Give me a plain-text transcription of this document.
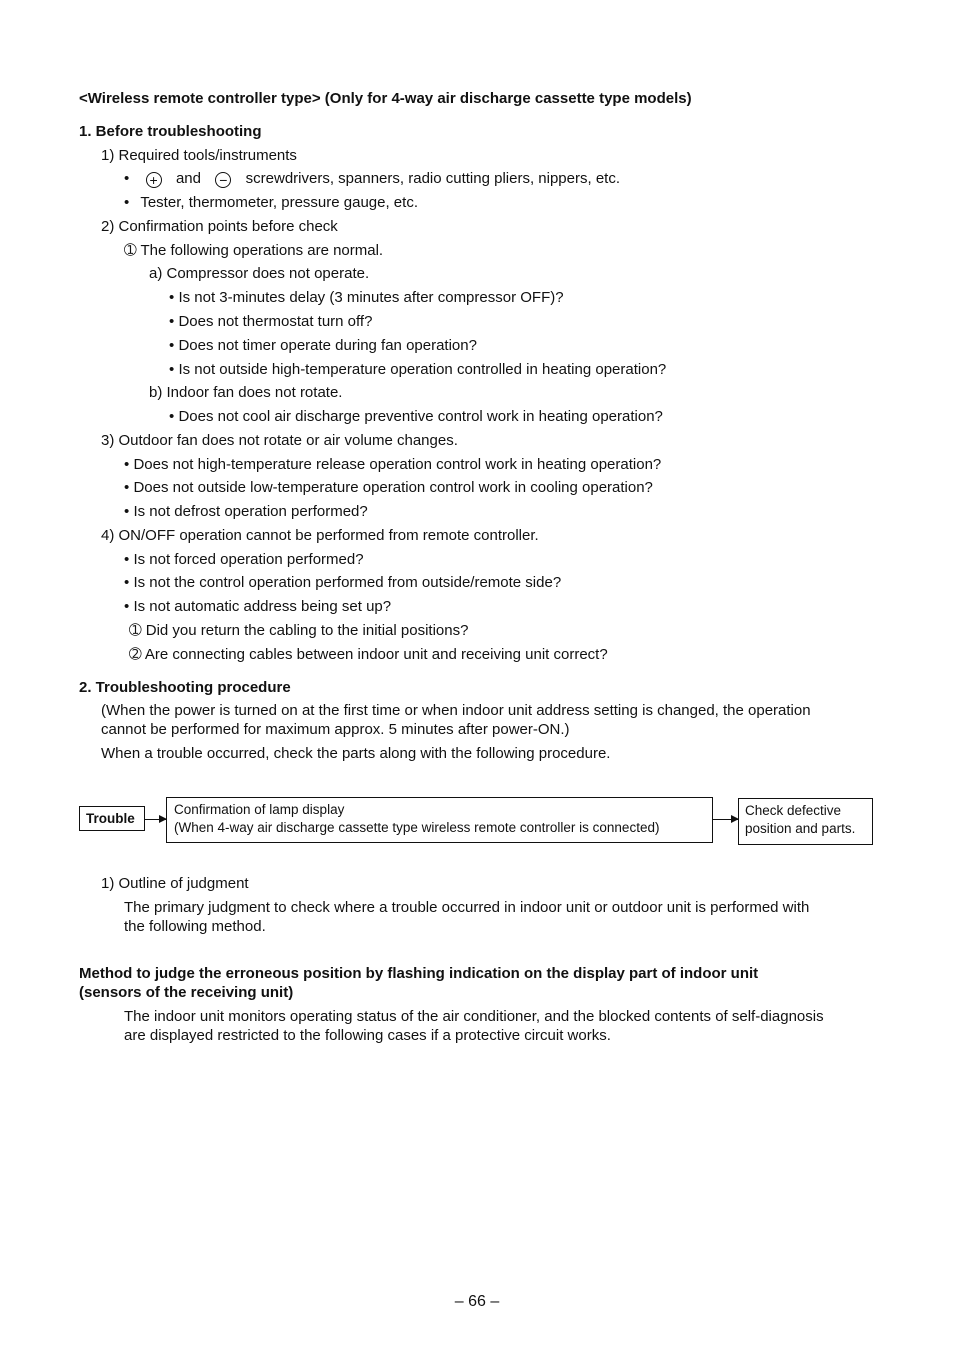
<Wireless remote controller type> (Only for 4-way air discharge cassette type models)
1. Before troubleshooting
1) Required tools/instruments
• + and − screwdrivers, spanners, radio cutting pliers, nippers, etc.
• Tester, thermometer, pressure gauge, etc.
2) Confirmation points before check
➀ The following operations are normal.
a) Compressor does not operate.
• Is not 3-minutes delay (3 minutes after compressor OFF)?
• Does not thermostat turn off?
• Does not timer operate during fan operation?
• Is not outside high-temperature operation controlled in heating operation?
b) Indoor fan does not rotate.
• Does not cool air discharge preventive control work in heating operation?
3) Outdoor fan does not rotate or air volume changes.
• Does not high-temperature release operation control work in heating operation?
• Does not outside low-temperature operation control work in cooling operation?
• Is not defrost operation performed?
4) ON/OFF operation cannot be performed from remote controller.
• Is not forced operation performed?
• Is not the control operation performed from outside/remote side?
• Is not automatic address being set up?
➀ Did you return the cabling to the initial positions?
➁ Are connecting cables between indoor unit and receiving unit correct?
2. Troubleshooting procedure
(When the power is turned on at the first time or when indoor unit address setting is changed, the operation
cannot be performed for maximum approx. 5 minutes after power-ON.)
When a trouble occurred, check the parts along with the following procedure.
Trouble
Confirmation of lamp display
(When 4-way air discharge cassette type wireless remote controller is connected)
Check defective
position and parts.
1) Outline of judgment
The primary judgment to check where a trouble occurred in indoor unit or outdoor unit is performed with
the following method.
Method to judge the erroneous position by flashing indication on the display part of indoor unit
(sensors of the receiving unit)
The indoor unit monitors operating status of the air conditioner, and the blocked contents of self-diagnosis
are displayed restricted to the following cases if a protective circuit works.
– 66 –
